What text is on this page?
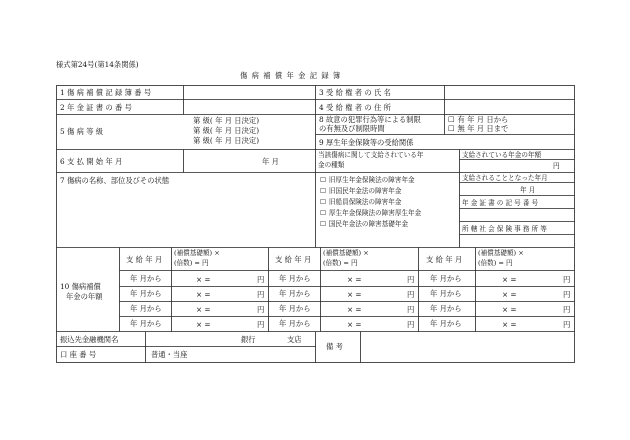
様式第24号(第14条関係)
傷 病 補 償 年 金 記 録 簿
1 傷 病 補 償 記 録 簿 番 号	3 受 給 権 者 の 氏 名
2 年 金 証 書 の 番 号	4 受 給 権 者 の 住 所
5 傷 病 等 級
第 級( 年 月 日決定)
第 級( 年 月 日決定)
第 級( 年 月 日決定)
8 故意の犯罪行為等による制限
の有無及び制限時間
☐ 有 年 月 日から
☐ 無 年 月 日まで
9 厚生年金保険等の受給関係
6 支 払 開 始 年 月	年 月
当該傷病に関して支給されている年
金の種類
支給されている年金の年額
円
7 傷病の名称、部位及びその状態
☐	旧厚生年金保険法の障害年金
☐ 旧国民年金法の障害年金
☐ 旧船員保険法の障害年金
☐ 厚生年金保険法の障害厚生年金
☐ 国民年金法の障害基礎年金
支給されることとなった年月
年 月
年 金 証 書 の 記 号 番 号
所 轄 社 会 保 険 事 務 所 等
10 傷病補償
年金の年額
支 給 年 月
(補償基礎額) ×
(倍数) = 円	支 給 年 月
(補償基礎額) ×
(倍数) = 円	支 給 年 月
(補償基礎額) ×
(倍数) = 円
年 月から	× =	円 年 月から	× =	円 年 月から	× =	円
年 月から	× =	円 年 月から	× =	円 年 月から	× =	円
年 月から	× =	円 年 月から	× =	円 年 月から	× =	円
年 月から	× =	円 年 月から	× =	円 年 月から	× =	円
振込先金融機関名	銀行	支店
口 座 番 号	普通・当座
備 考
